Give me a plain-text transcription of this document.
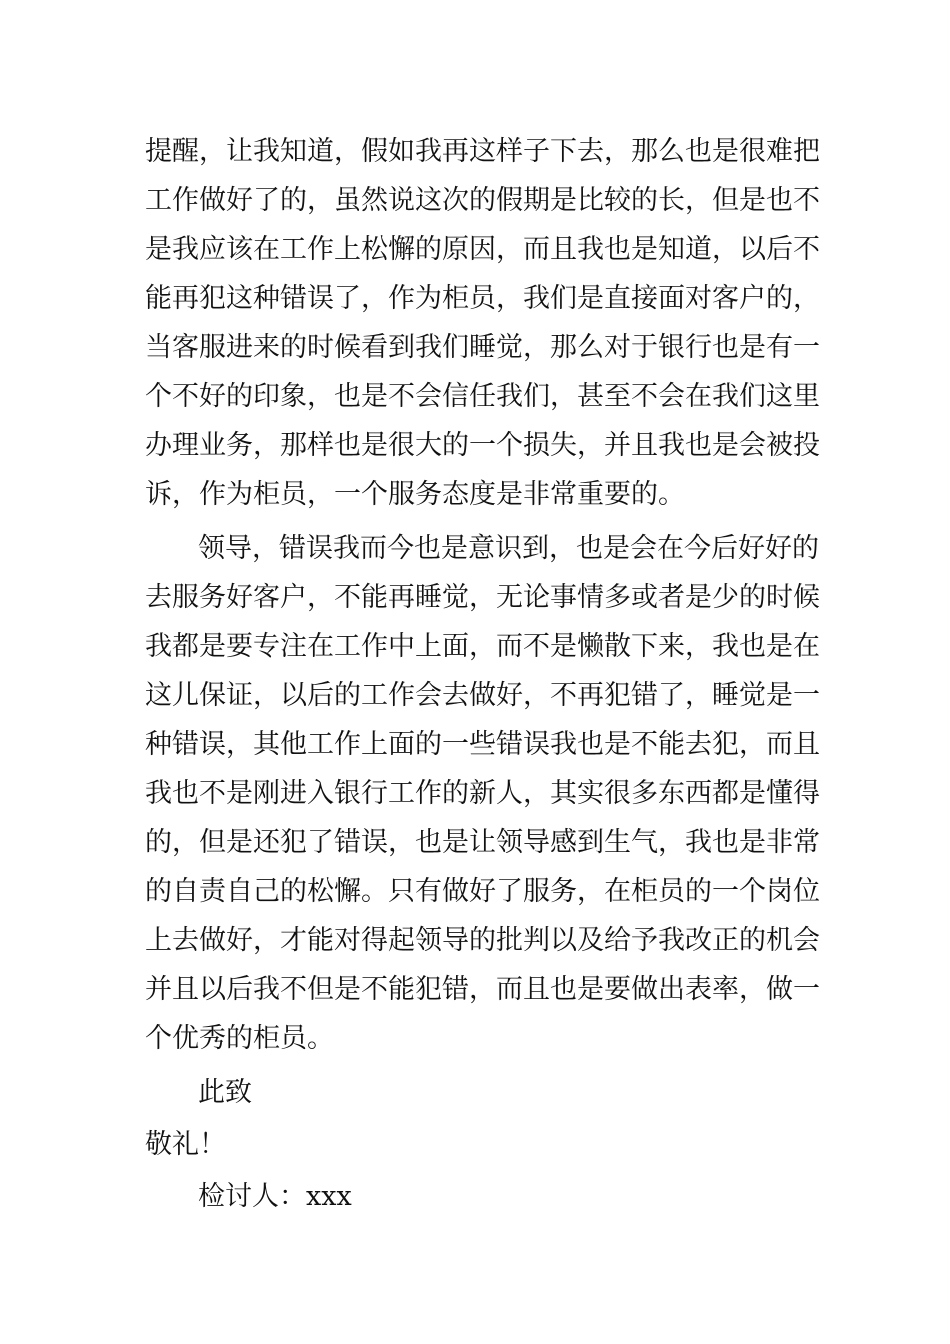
提醒，让我知道，假如我再这样子下去，那么也是很难把
工作做好了的，虽然说这次的假期是比较的长，但是也不
是我应该在工作上松懈的原因，而且我也是知道，以后不
能再犯这种错误了，作为柜员，我们是直接面对客户的，
当客服进来的时候看到我们睡觉，那么对于银行也是有一
个不好的印象，也是不会信任我们，甚至不会在我们这里
办理业务，那样也是很大的一个损失，并且我也是会被投
诉，作为柜员，一个服务态度是非常重要的。
领导，错误我而今也是意识到，也是会在今后好好的
去服务好客户，不能再睡觉，无论事情多或者是少的时候
我都是要专注在工作中上面，而不是懒散下来，我也是在
这儿保证，以后的工作会去做好，不再犯错了，睡觉是一
种错误，其他工作上面的一些错误我也是不能去犯，而且
我也不是刚进入银行工作的新人，其实很多东西都是懂得
的，但是还犯了错误，也是让领导感到生气，我也是非常
的自责自己的松懈。只有做好了服务，在柜员的一个岗位
上去做好，才能对得起领导的批判以及给予我改正的机会
并且以后我不但是不能犯错，而且也是要做出表率，做一
个优秀的柜员。
此致
敬礼！
检讨人：xxx
